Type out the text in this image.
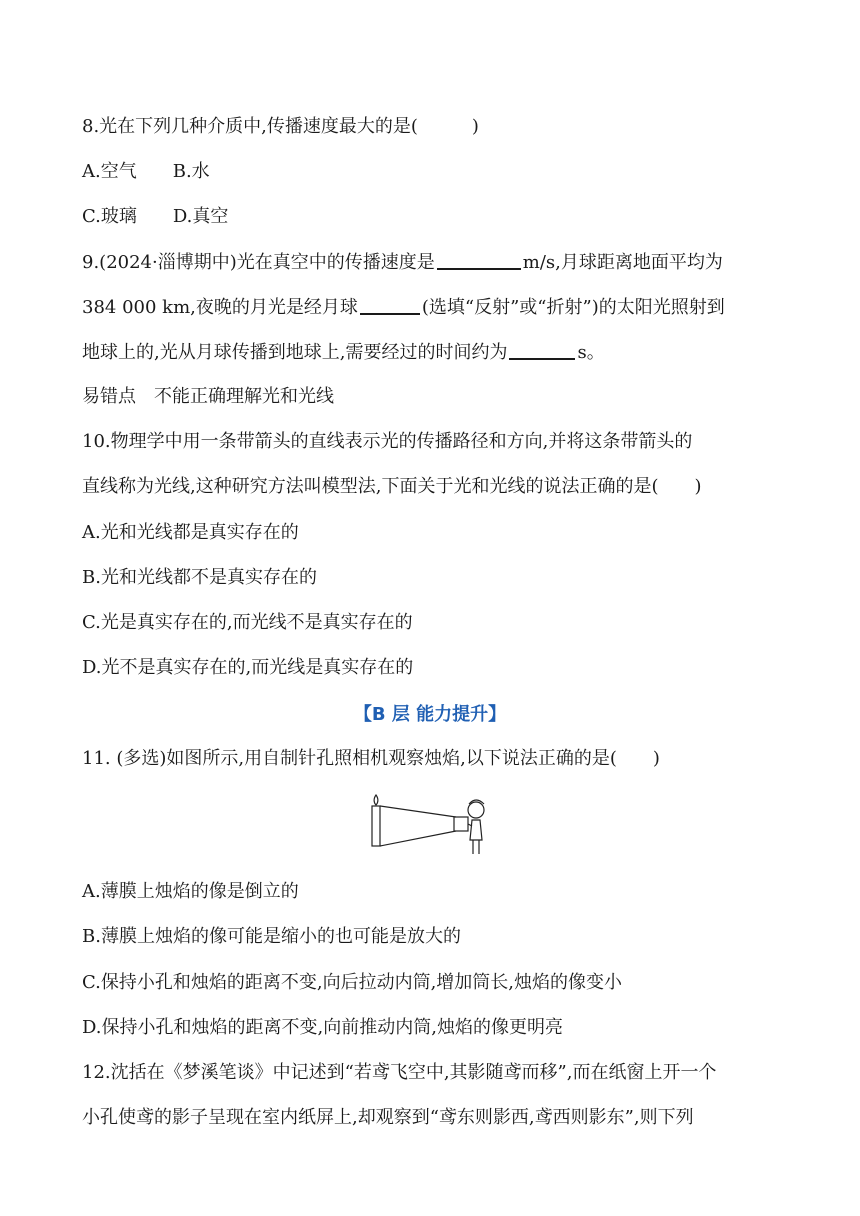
8.光在下列几种介质中,传播速度最大的是(　　　)
A.空气　　B.水
C.玻璃　　D.真空
9.(2024·淄博期中)光在真空中的传播速度是	m/s,月球距离地面平均为
384 000 km,夜晚的月光是经月球	(选填“反射”或“折射”)的太阳光照射到
地球上的,光从月球传播到地球上,需要经过的时间约为	s。
易错点　不能正确理解光和光线
10.物理学中用一条带箭头的直线表示光的传播路径和方向,并将这条带箭头的
直线称为光线,这种研究方法叫模型法,下面关于光和光线的说法正确的是(　　)
A.光和光线都是真实存在的
B.光和光线都不是真实存在的
C.光是真实存在的,而光线不是真实存在的
D.光不是真实存在的,而光线是真实存在的
【B 层 能力提升】
11. (多选)如图所示,用自制针孔照相机观察烛焰,以下说法正确的是(　　)
A.薄膜上烛焰的像是倒立的
B.薄膜上烛焰的像可能是缩小的也可能是放大的
C.保持小孔和烛焰的距离不变,向后拉动内筒,增加筒长,烛焰的像变小
D.保持小孔和烛焰的距离不变,向前推动内筒,烛焰的像更明亮
12.沈括在《梦溪笔谈》中记述到“若鸢飞空中,其影随鸢而移”,而在纸窗上开一个
小孔使鸢的影子呈现在室内纸屏上,却观察到“鸢东则影西,鸢西则影东”,则下列
